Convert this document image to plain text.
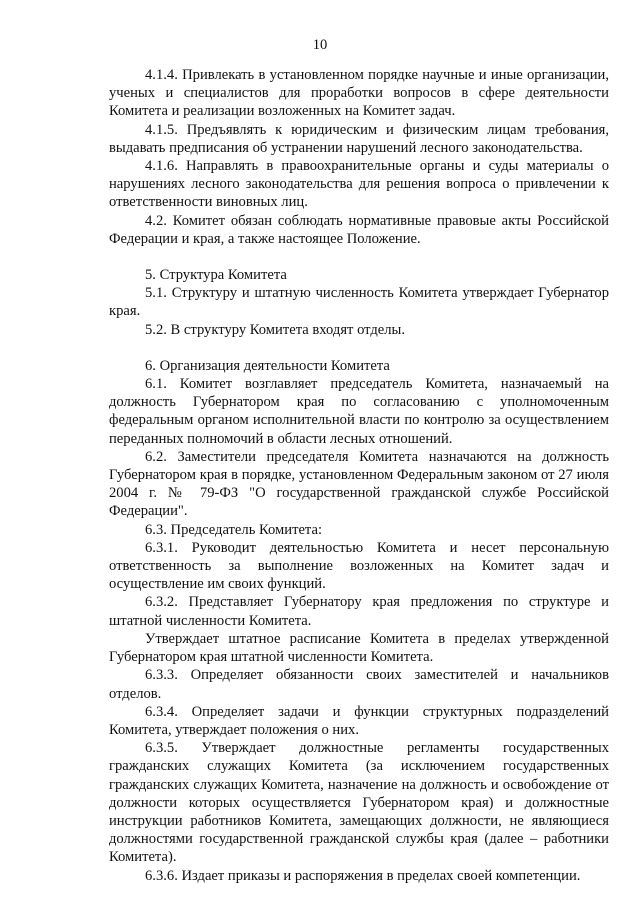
10

4.1.4. Привлекать в установленном порядке научные и иные организации, ученых и специалистов для проработки вопросов в сфере деятельности Комитета и реализации возложенных на Комитет задач.

4.1.5. Предъявлять к юридическим и физическим лицам требования, выдавать предписания об устранении нарушений лесного законодательства.

4.1.6. Направлять в правоохранительные органы и суды материалы о нарушениях лесного законодательства для решения вопроса о привлечении к ответственности виновных лиц.

4.2. Комитет обязан соблюдать нормативные правовые акты Российской Федерации и края, а также настоящее Положение.

5. Структура Комитета

5.1. Структуру и штатную численность Комитета утверждает Губернатор края.

5.2. В структуру Комитета входят отделы.

6. Организация деятельности Комитета

6.1. Комитет возглавляет председатель Комитета, назначаемый на должность Губернатором края по согласованию с уполномоченным федеральным органом исполнительной власти по контролю за осуществлением переданных полномочий в области лесных отношений.

6.2. Заместители председателя Комитета назначаются на должность Губернатором края в порядке, установленном Федеральным законом от 27 июля 2004 г. № 79-ФЗ "О государственной гражданской службе Российской Федерации".

6.3. Председатель Комитета:

6.3.1. Руководит деятельностью Комитета и несет персональную ответственность за выполнение возложенных на Комитет задач и осуществление им своих функций.

6.3.2. Представляет Губернатору края предложения по структуре и штатной численности Комитета.

Утверждает штатное расписание Комитета в пределах утвержденной Губернатором края штатной численности Комитета.

6.3.3. Определяет обязанности своих заместителей и начальников отделов.

6.3.4. Определяет задачи и функции структурных подразделений Комитета, утверждает положения о них.

6.3.5. Утверждает должностные регламенты государственных гражданских служащих Комитета (за исключением государственных гражданских служащих Комитета, назначение на должность и освобождение от должности которых осуществляется Губернатором края) и должностные инструкции работников Комитета, замещающих должности, не являющиеся должностями государственной гражданской службы края (далее – работники Комитета).

6.3.6. Издает приказы и распоряжения в пределах своей компетенции.
